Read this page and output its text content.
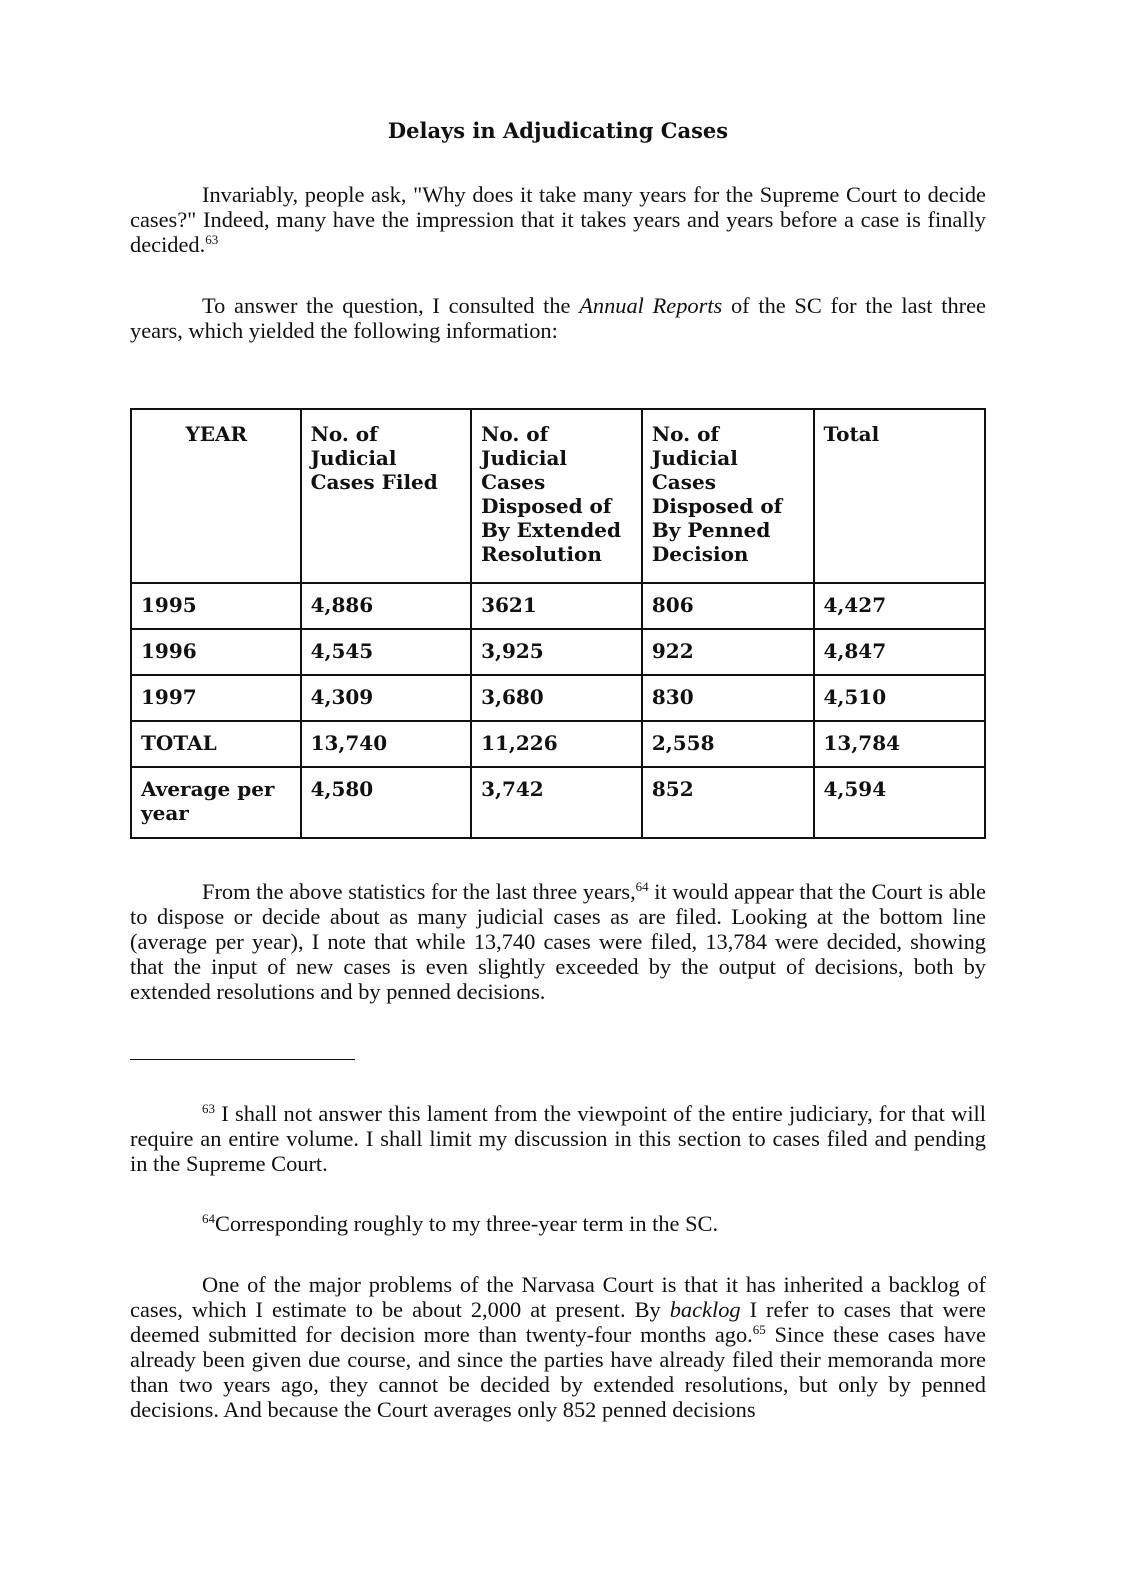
Delays in Adjudicating Cases

Invariably, people ask, "Why does it take many years for the Supreme Court to decide cases?" Indeed, many have the impression that it takes years and years before a case is finally decided.$^{63}$

To answer the question, I consulted the Annual Reports of the SC for the last three years, which yielded the following information:

YEAR	No. of Judicial Cases Filed	No. of Judicial Cases Disposed of By Extended Resolution	No. of Judicial Cases Disposed of By Penned Decision	Total
1995	4,886	3621	806	4,427
1996	4,545	3,925	922	4,847
1997	4,309	3,680	830	4,510
TOTAL	13,740	11,226	2,558	13,784
Average per year	4,580	3,742	852	4,594

From the above statistics for the last three years,$^{64}$ it would appear that the Court is able to dispose or decide about as many judicial cases as are filed. Looking at the bottom line (average per year), I note that while 13,740 cases were filed, 13,784 were decided, showing that the input of new cases is even slightly exceeded by the output of decisions, both by extended resolutions and by penned decisions.

$^{63}$ I shall not answer this lament from the viewpoint of the entire judiciary, for that will require an entire volume. I shall limit my discussion in this section to cases filed and pending in the Supreme Court.

$^{64}$Corresponding roughly to my three-year term in the SC.

One of the major problems of the Narvasa Court is that it has inherited a backlog of cases, which I estimate to be about 2,000 at present. By backlog I refer to cases that were deemed submitted for decision more than twenty-four months ago.$^{65}$ Since these cases have already been given due course, and since the parties have already filed their memoranda more than two years ago, they cannot be decided by extended resolutions, but only by penned decisions. And because the Court averages only 852 penned decisions
